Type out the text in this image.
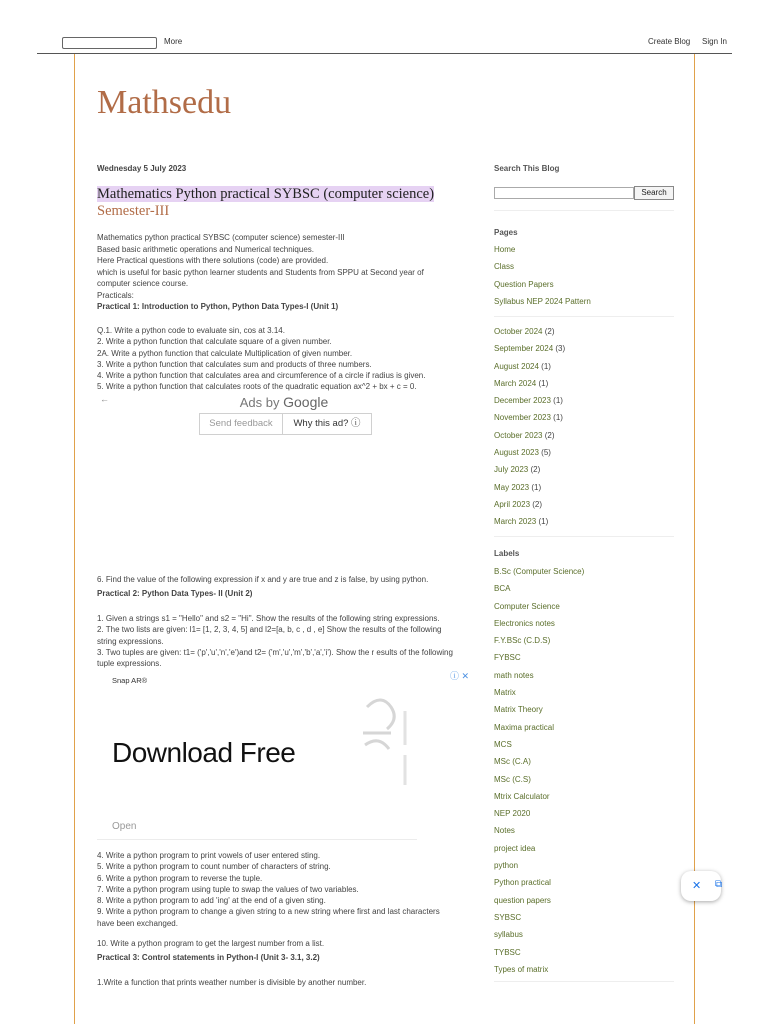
More	Create Blog Sign In
Mathsedu
Wednesday 5 July 2023
Mathematics Python practical SYBSC (computer science)
Semester-III
Mathematics python practical SYBSC (computer science) semester-III
Based basic arithmetic operations and Numerical techniques.
Here Practical questions with there solutions (code) are provided.
which is useful for basic python learner students and Students from SPPU at Second year of
computer science course.
Practicals:
Practical 1: Introduction to Python, Python Data Types-I (Unit 1)
Q.1. Write a python code to evaluate sin, cos at 3.14.
2. Write a python function that calculate square of a given number.
2A. Write a python function that calculate Multiplication of given number.
3. Write a python function that calculates sum and products of three numbers.
4. Write a python function that calculates area and circumference of a circle if radius is given.
5. Write a python function that calculates roots of the quadratic equation ax^2 + bx + c = 0.
6. Find the value of the following expression if x and y are true and z is false, by using python.
Practical 2: Python Data Types- II (Unit 2)
1. Given a strings s1 = "Hello" and s2 = "Hi". Show the results of the following string expressions.
2. The two lists are given: l1= [1, 2, 3, 4, 5] and l2=[a, b, c , d , e] Show the results of the following
string expressions.
3. Two tuples are given: t1= ('p','u','n','e')and t2= ('m','u','m','b','a','i'). Show the r esults of the following
tuple expressions.
4. Write a python program to print vowels of user entered sting.
5. Write a python program to count number of characters of string.
6. Write a python program to reverse the tuple.
7. Write a python program using tuple to swap the values of two variables.
8. Write a python program to add 'ing' at the end of a given sting.
9. Write a python program to change a given string to a new string where first and last characters
have been exchanged.
10. Write a python program to get the largest number from a list.
Practical 3: Control statements in Python-I (Unit 3- 3.1, 3.2)
1.Write a function that prints weather number is divisible by another number.
←	Ads by Google
Send feedback	Why this ad? ⓘ
Snap AR®	ⓘ ✕
Download Free
Open
Search This Blog
Search
Pages
Home
Class
Question Papers
Syllabus NEP 2024 Pattern
October 2024 (2)
September 2024 (3)
August 2024 (1)
March 2024 (1)
December 2023 (1)
November 2023 (1)
October 2023 (2)
August 2023 (5)
July 2023 (2)
May 2023 (1)
April 2023 (2)
March 2023 (1)
Labels
B.Sc (Computer Science)
BCA
Computer Science
Electronics notes
F.Y.BSc (C.D.S)
FYBSC
math notes
Matrix
Matrix Theory
Maxima practical
MCS
MSc (C.A)
MSc (C.S)
Mtrix Calculator
NEP 2020
Notes
project idea
python
Python practical
question papers
SYBSC
syllabus
TYBSC
Types of matrix
✕ ⧉
